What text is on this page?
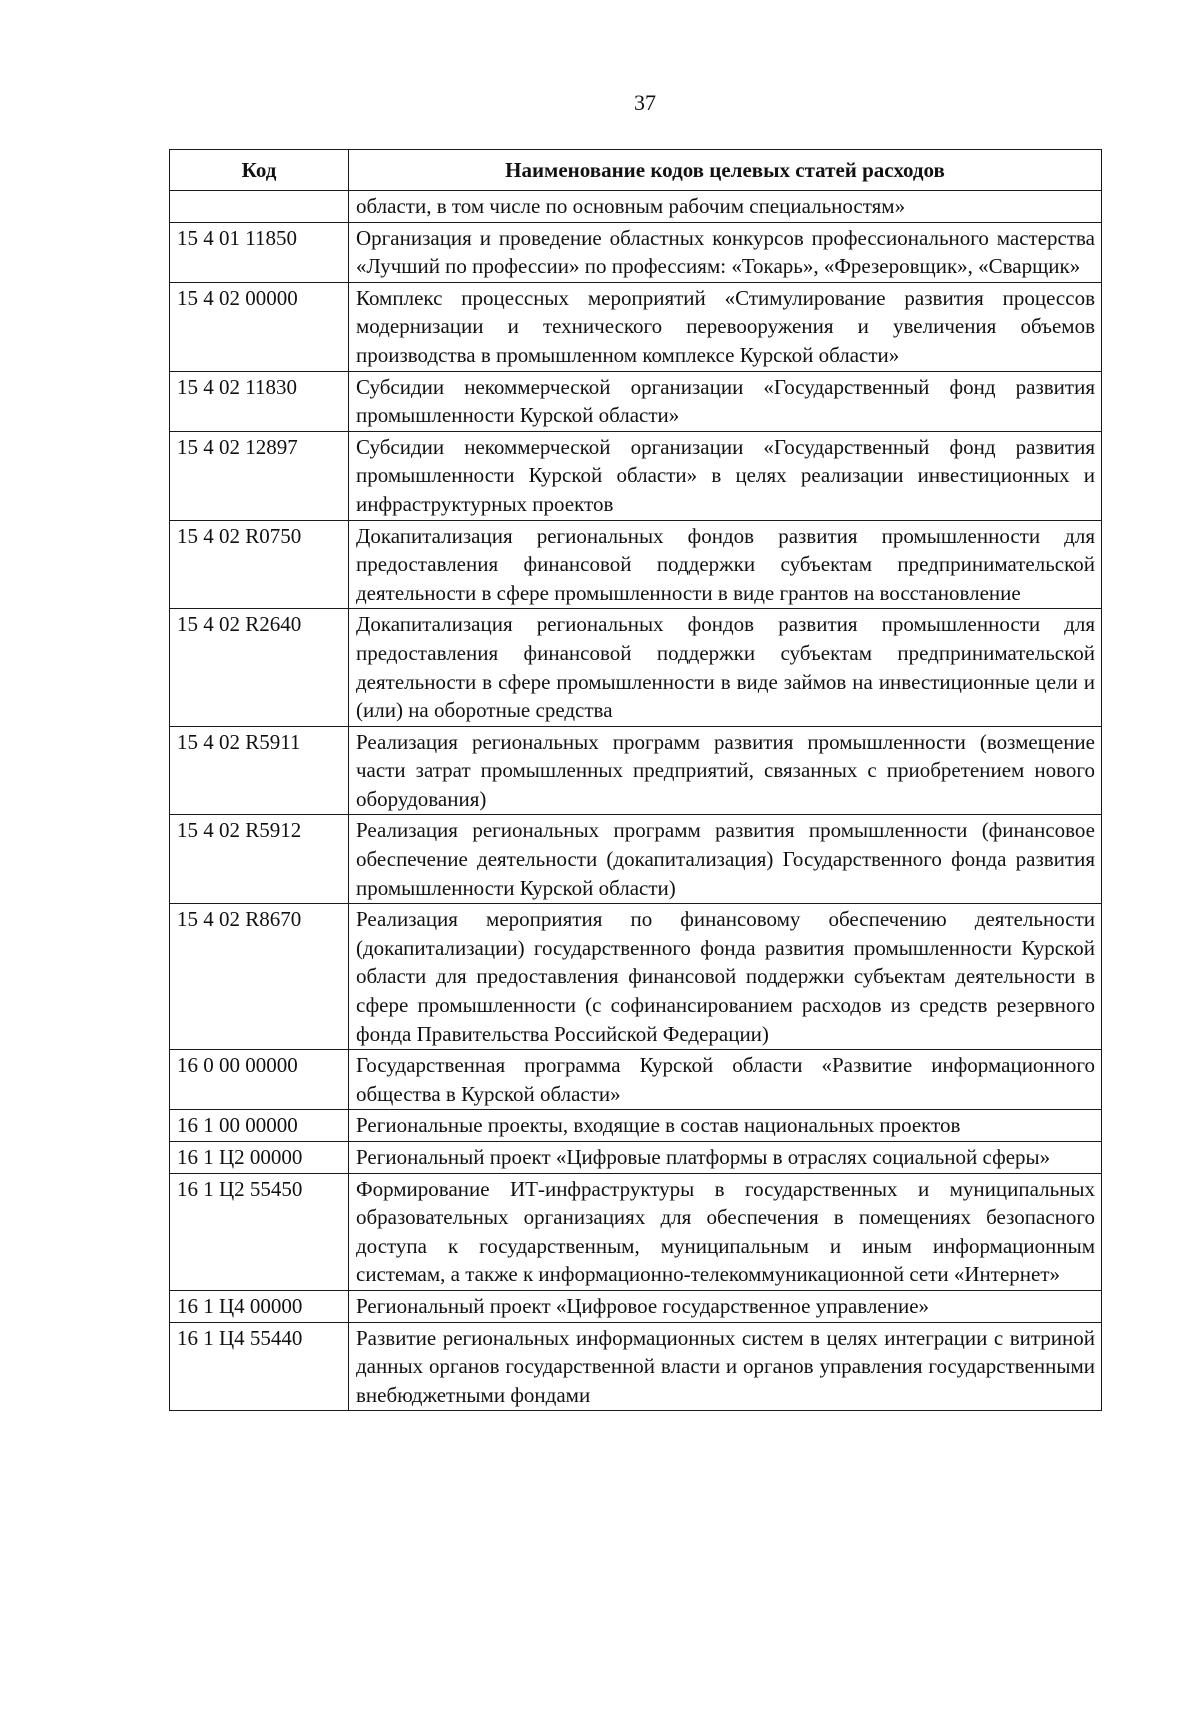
37
Код	Наименование кодов целевых статей расходов
	области, в том числе по основным рабочим специальностям»
15 4 01 11850	Организация и проведение областных конкурсов профессионального мастерства «Лучший по профессии» по профессиям: «Токарь», «Фрезеровщик», «Сварщик»
15 4 02 00000	Комплекс процессных мероприятий «Стимулирование развития процессов модернизации и технического перевооружения и увеличения объемов производства в промышленном комплексе Курской области»
15 4 02 11830	Субсидии некоммерческой организации «Государственный фонд развития промышленности Курской области»
15 4 02 12897	Субсидии некоммерческой организации «Государственный фонд развития промышленности Курской области» в целях реализации инвестиционных и инфраструктурных проектов
15 4 02 R0750	Докапитализация региональных фондов развития промышленности для предоставления финансовой поддержки субъектам предпринимательской деятельности в сфере промышленности в виде грантов на восстановление
15 4 02 R2640	Докапитализация региональных фондов развития промышленности для предоставления финансовой поддержки субъектам предпринимательской деятельности в сфере промышленности в виде займов на инвестиционные цели и (или) на оборотные средства
15 4 02 R5911	Реализация региональных программ развития промышленности (возмещение части затрат промышленных предприятий, связанных с приобретением нового оборудования)
15 4 02 R5912	Реализация региональных программ развития промышленности (финансовое обеспечение деятельности (докапитализация) Государственного фонда развития промышленности Курской области)
15 4 02 R8670	Реализация мероприятия по финансовому обеспечению деятельности (докапитализации) государственного фонда развития промышленности Курской области для предоставления финансовой поддержки субъектам деятельности в сфере промышленности (с софинансированием расходов из средств резервного фонда Правительства Российской Федерации)
16 0 00 00000	Государственная программа Курской области «Развитие информационного общества в Курской области»
16 1 00 00000	Региональные проекты, входящие в состав национальных проектов
16 1 Ц2 00000	Региональный проект «Цифровые платформы в отраслях социальной сферы»
16 1 Ц2 55450	Формирование ИТ-инфраструктуры в государственных и муниципальных образовательных организациях для обеспечения в помещениях безопасного доступа к государственным, муниципальным и иным информационным системам, а также к информационно-телекоммуникационной сети «Интернет»
16 1 Ц4 00000	Региональный проект «Цифровое государственное управление»
16 1 Ц4 55440	Развитие региональных информационных систем в целях интеграции с витриной данных органов государственной власти и органов управления государственными внебюджетными фондами
